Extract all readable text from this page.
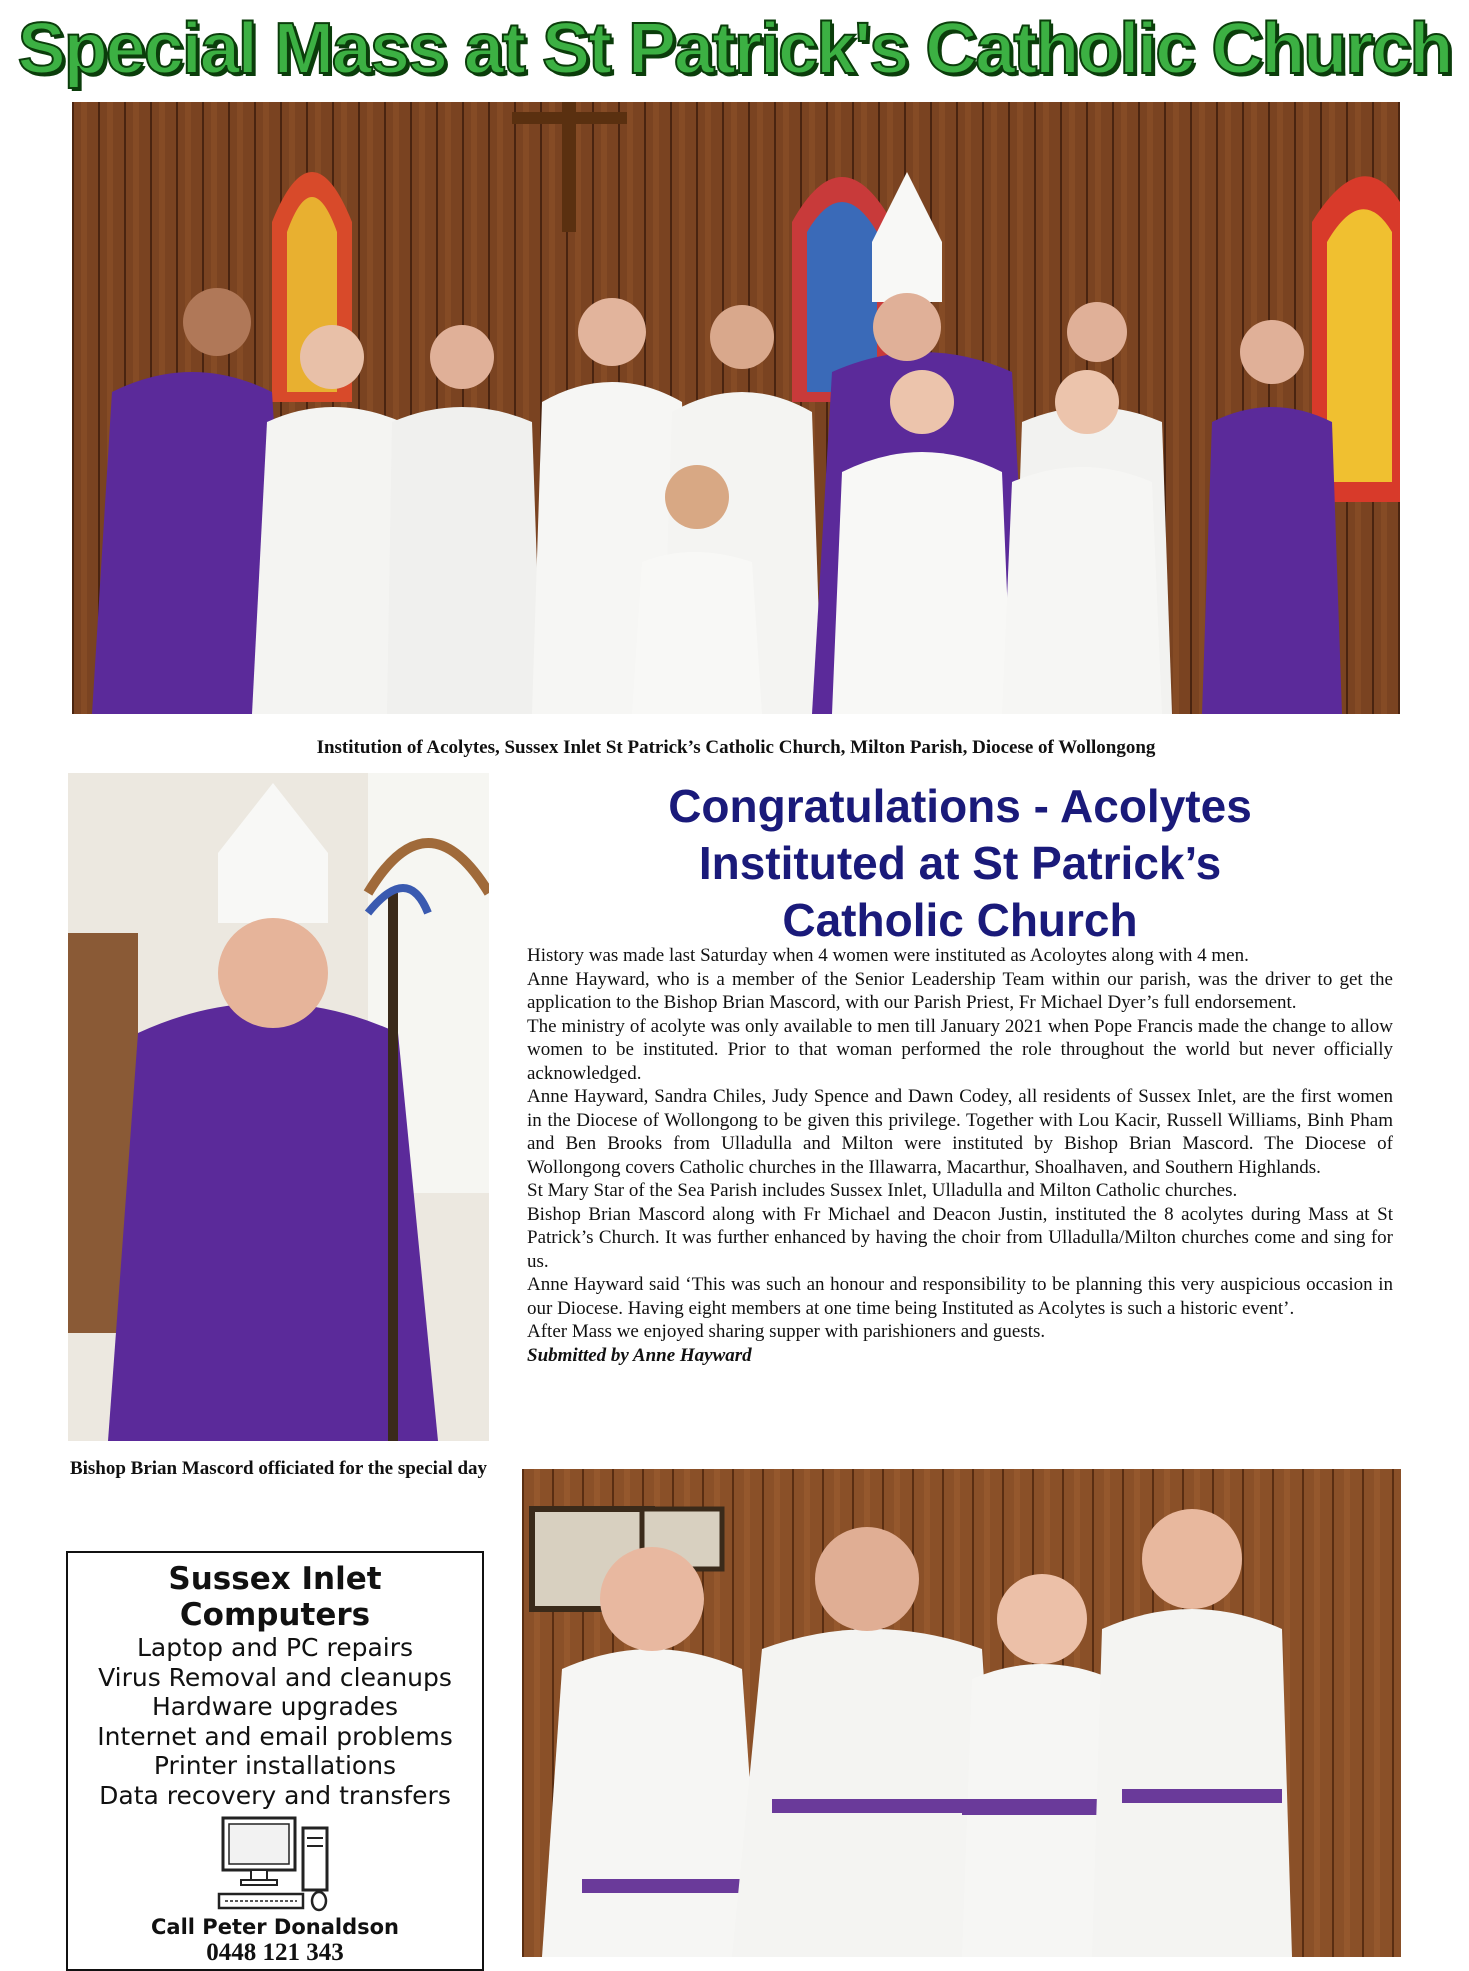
Special Mass at St Patrick's Catholic Church
Institution of Acolytes, Sussex Inlet St Patrick’s Catholic Church, Milton Parish, Diocese of Wollongong
Bishop Brian Mascord officiated for the special day
Congratulations - Acolytes
Instituted at St Patrick’s
Catholic Church

History was made last Saturday when 4 women were instituted as Acoloytes along with 4 men.

Anne Hayward, who is a member of the Senior Leadership Team within our parish, was the driver to get the application to the Bishop Brian Mascord, with our Parish Priest, Fr Michael Dyer’s full endorsement.

The ministry of acolyte was only available to men till January 2021 when Pope Francis made the change to allow women to be instituted. Prior to that woman performed the role throughout the world but never officially acknowledged.

Anne Hayward, Sandra Chiles, Judy Spence and Dawn Codey, all residents of Sussex Inlet, are the first women in the Diocese of Wollongong to be given this privilege. Together with Lou Kacir, Russell Williams, Binh Pham and Ben Brooks from Ulladulla and Milton were instituted by Bishop Brian Mascord. The Diocese of Wollongong covers Catholic churches in the Illawarra, Macarthur, Shoalhaven, and Southern Highlands.

St Mary Star of the Sea Parish includes Sussex Inlet, Ulladulla and Milton Catholic churches.

Bishop Brian Mascord along with Fr Michael and Deacon Justin, instituted the 8 acolytes during Mass at St Patrick’s Church. It was further enhanced by having the choir from Ulladulla/Milton churches come and sing for us.

Anne Hayward said ‘This was such an honour and responsibility to be planning this very auspicious occasion in our Diocese. Having eight members at one time being Instituted as Acolytes is such a historic event’.

After Mass we enjoyed sharing supper with parishioners and guests.

Submitted by Anne Hayward

Sussex Inlet
Computers
Laptop and PC repairs
Virus Removal and cleanups
Hardware upgrades
Internet and email problems
Printer installations
Data recovery and transfers
Call Peter Donaldson
0448 121 343
